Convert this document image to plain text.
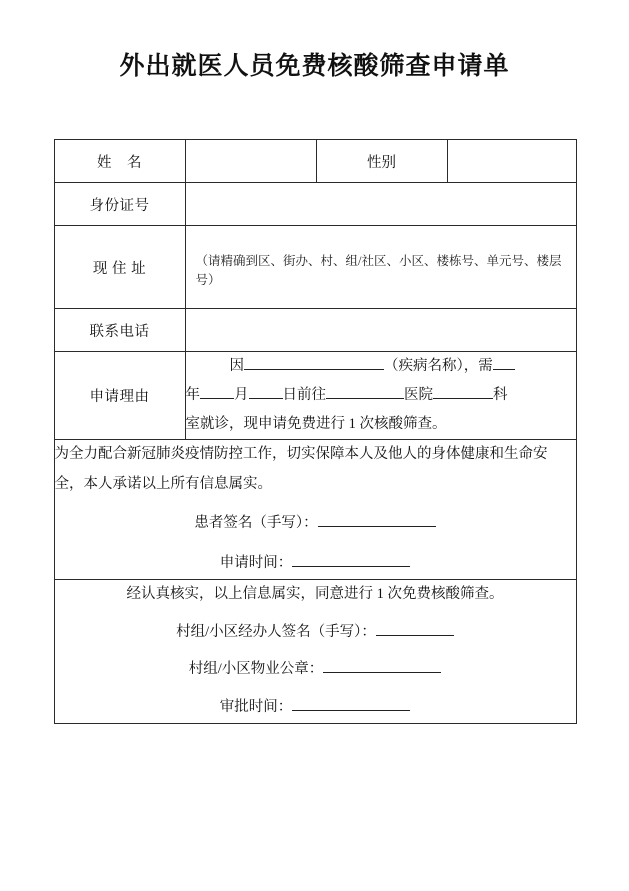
外出就医人员免费核酸筛查申请单
姓　名		性别	
身份证号			
现 住 址	（请精确到区、街办、村、组/社区、小区、楼栋号、单元号、楼层号）		

联系电话			
申请理由	因 （疾病名称），需
年 月 日前往 医院 科
室就诊，现申请免费进行 1 次核酸筛查。		

为全力配合新冠肺炎疫情防控工作，切实保障本人及他人的身体健康和生命安全，本人承诺以上所有信息属实。

患者签名（手写）：

申请时间：			

经认真核实，以上信息属实，同意进行 1 次免费核酸筛查。

村组/小区经办人签名（手写）：

村组/小区物业公章：

审批时间：			
